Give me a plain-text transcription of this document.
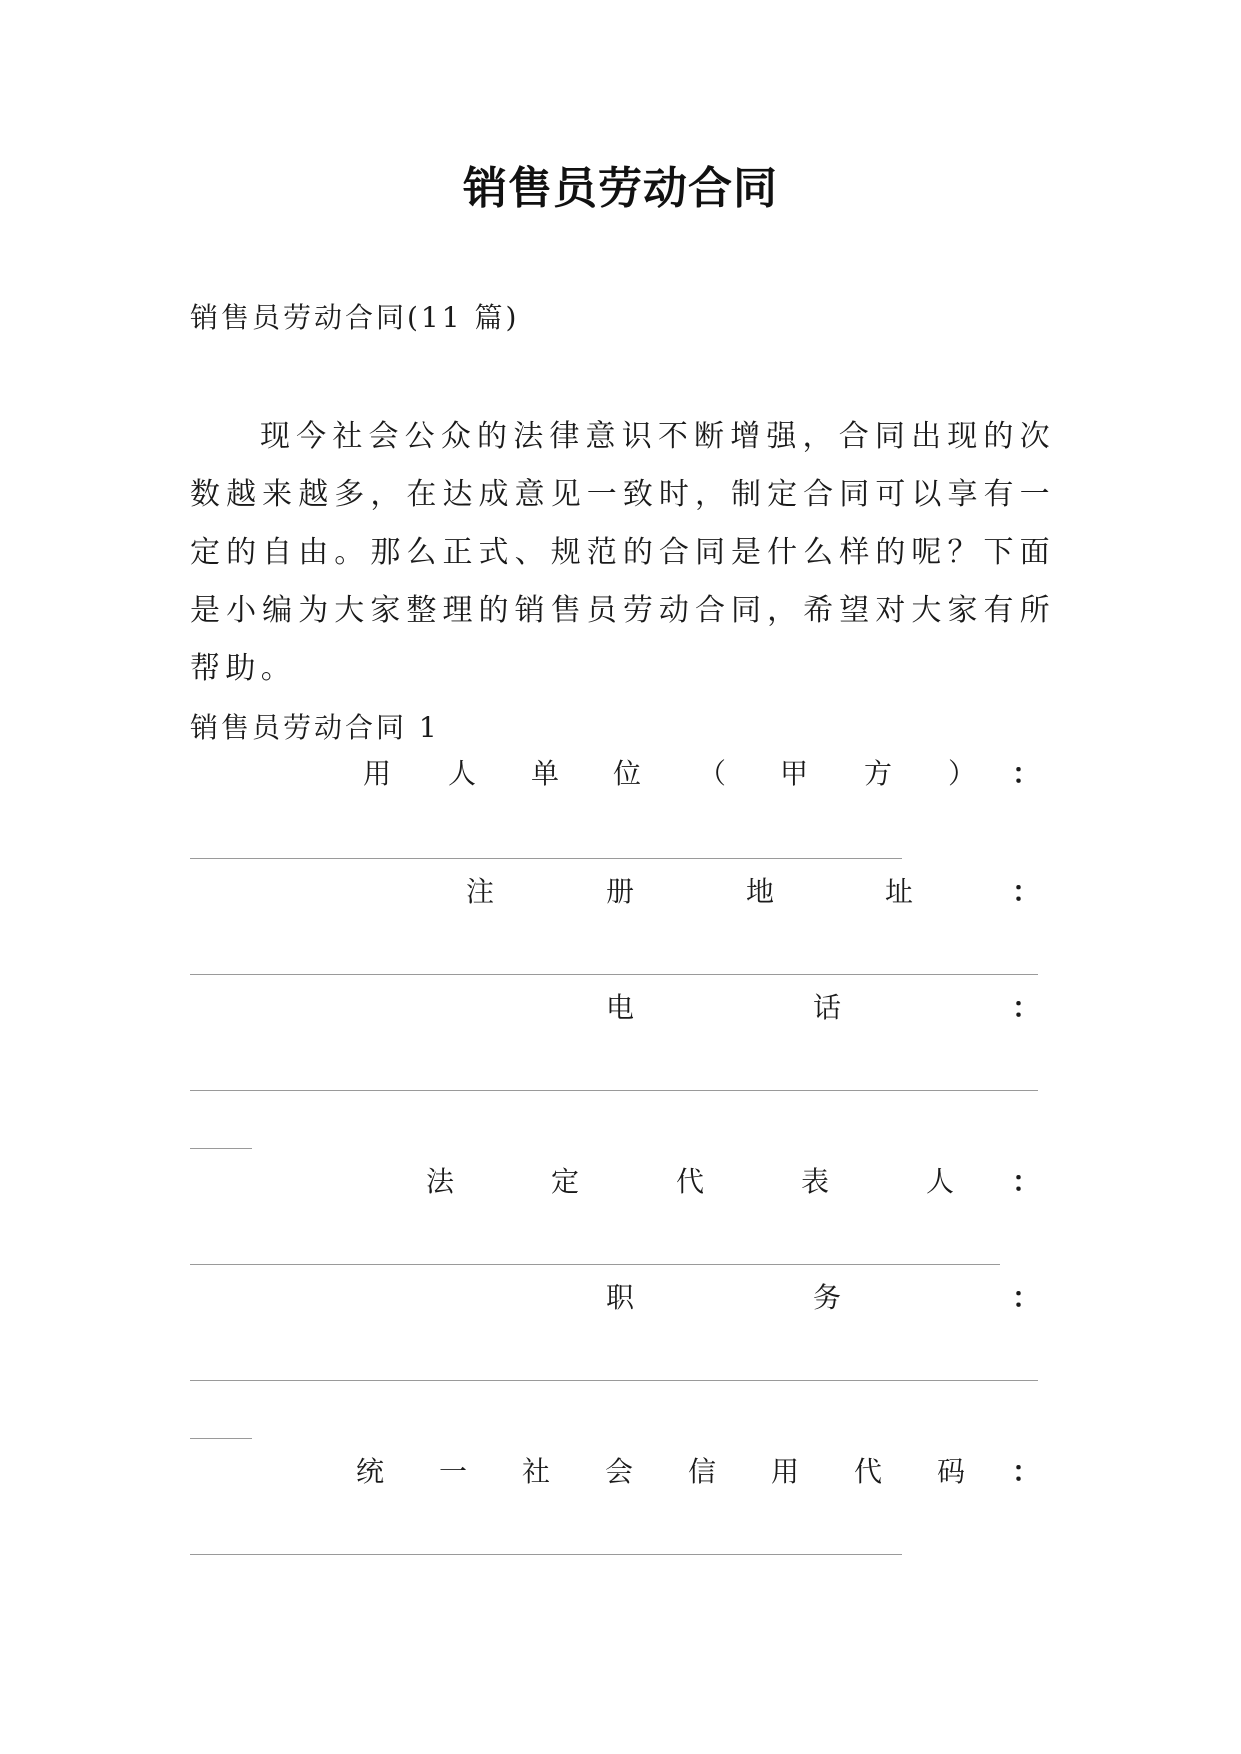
销售员劳动合同
销售员劳动合同(11 篇)

现今社会公众的法律意识不断增强，合同出现的次数越来越多，在达成意见一致时，制定合同可以享有一定的自由。那么正式、规范的合同是什么样的呢？下面是小编为大家整理的销售员劳动合同，希望对大家有所帮助。

销售员劳动合同 1
用 人 单 位 （ 甲 方 ） ：
注	册	地	址	：
电	话	：
法	定	代	表	人 ：
职	务	：
统 一 社 会 信 用 代 码 ：
